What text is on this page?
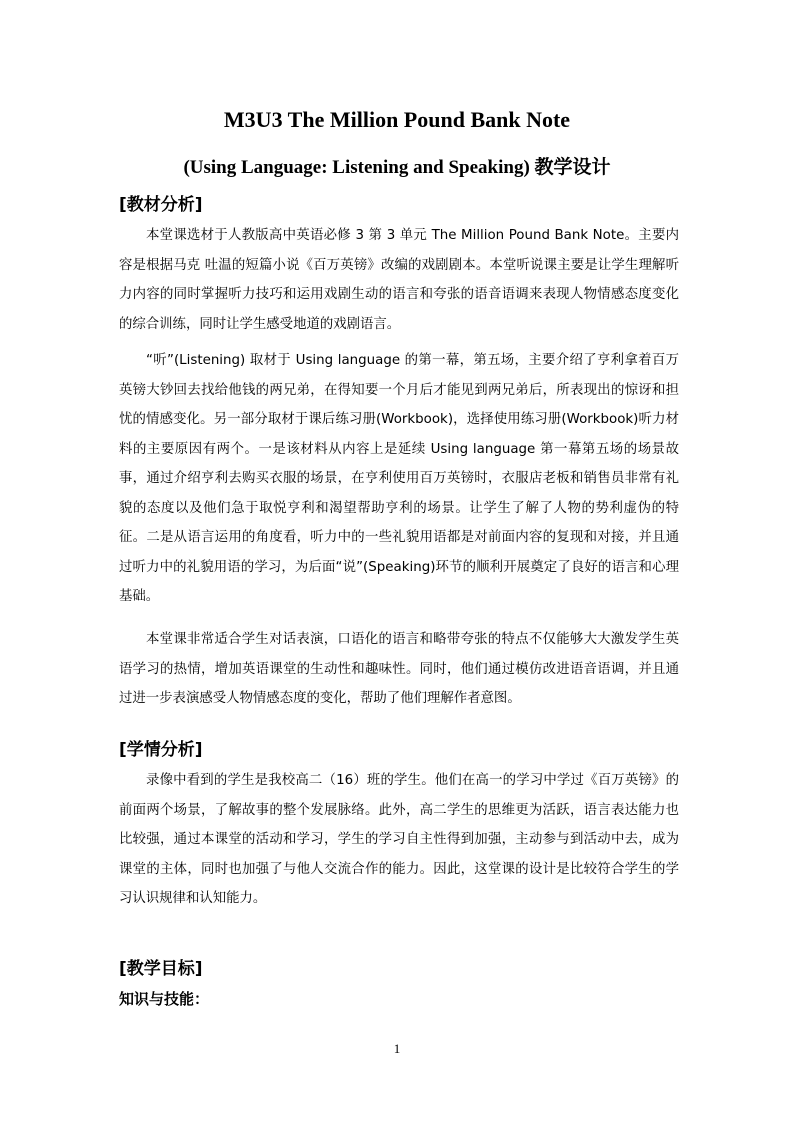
M3U3 The Million Pound Bank Note
(Using Language: Listening and Speaking) 教学设计
[教材分析]

本堂课选材于人教版高中英语必修 3 第 3 单元 The Million Pound Bank Note。主要内容是根据马克 吐温的短篇小说《百万英镑》改编的戏剧剧本。本堂听说课主要是让学生理解听力内容的同时掌握听力技巧和运用戏剧生动的语言和夸张的语音语调来表现人物情感态度变化的综合训练，同时让学生感受地道的戏剧语言。

“听”(Listening) 取材于 Using language 的第一幕，第五场，主要介绍了亨利拿着百万英镑大钞回去找给他钱的两兄弟，在得知要一个月后才能见到两兄弟后，所表现出的惊讶和担忧的情感变化。另一部分取材于课后练习册(Workbook)，选择使用练习册(Workbook)听力材料的主要原因有两个。一是该材料从内容上是延续 Using language 第一幕第五场的场景故事，通过介绍亨利去购买衣服的场景，在亨利使用百万英镑时，衣服店老板和销售员非常有礼貌的态度以及他们急于取悦亨利和渴望帮助亨利的场景。让学生了解了人物的势利虚伪的特征。二是从语言运用的角度看，听力中的一些礼貌用语都是对前面内容的复现和对接，并且通过听力中的礼貌用语的学习，为后面“说”(Speaking)环节的顺利开展奠定了良好的语言和心理基础。

本堂课非常适合学生对话表演，口语化的语言和略带夸张的特点不仅能够大大激发学生英语学习的热情，增加英语课堂的生动性和趣味性。同时，他们通过模仿改进语音语调，并且通过进一步表演感受人物情感态度的变化，帮助了他们理解作者意图。

[学情分析]

录像中看到的学生是我校高二（16）班的学生。他们在高一的学习中学过《百万英镑》的前面两个场景，了解故事的整个发展脉络。此外，高二学生的思维更为活跃，语言表达能力也比较强，通过本课堂的活动和学习，学生的学习自主性得到加强，主动参与到活动中去，成为课堂的主体，同时也加强了与他人交流合作的能力。因此，这堂课的设计是比较符合学生的学习认识规律和认知能力。

[教学目标]
知识与技能：
1
